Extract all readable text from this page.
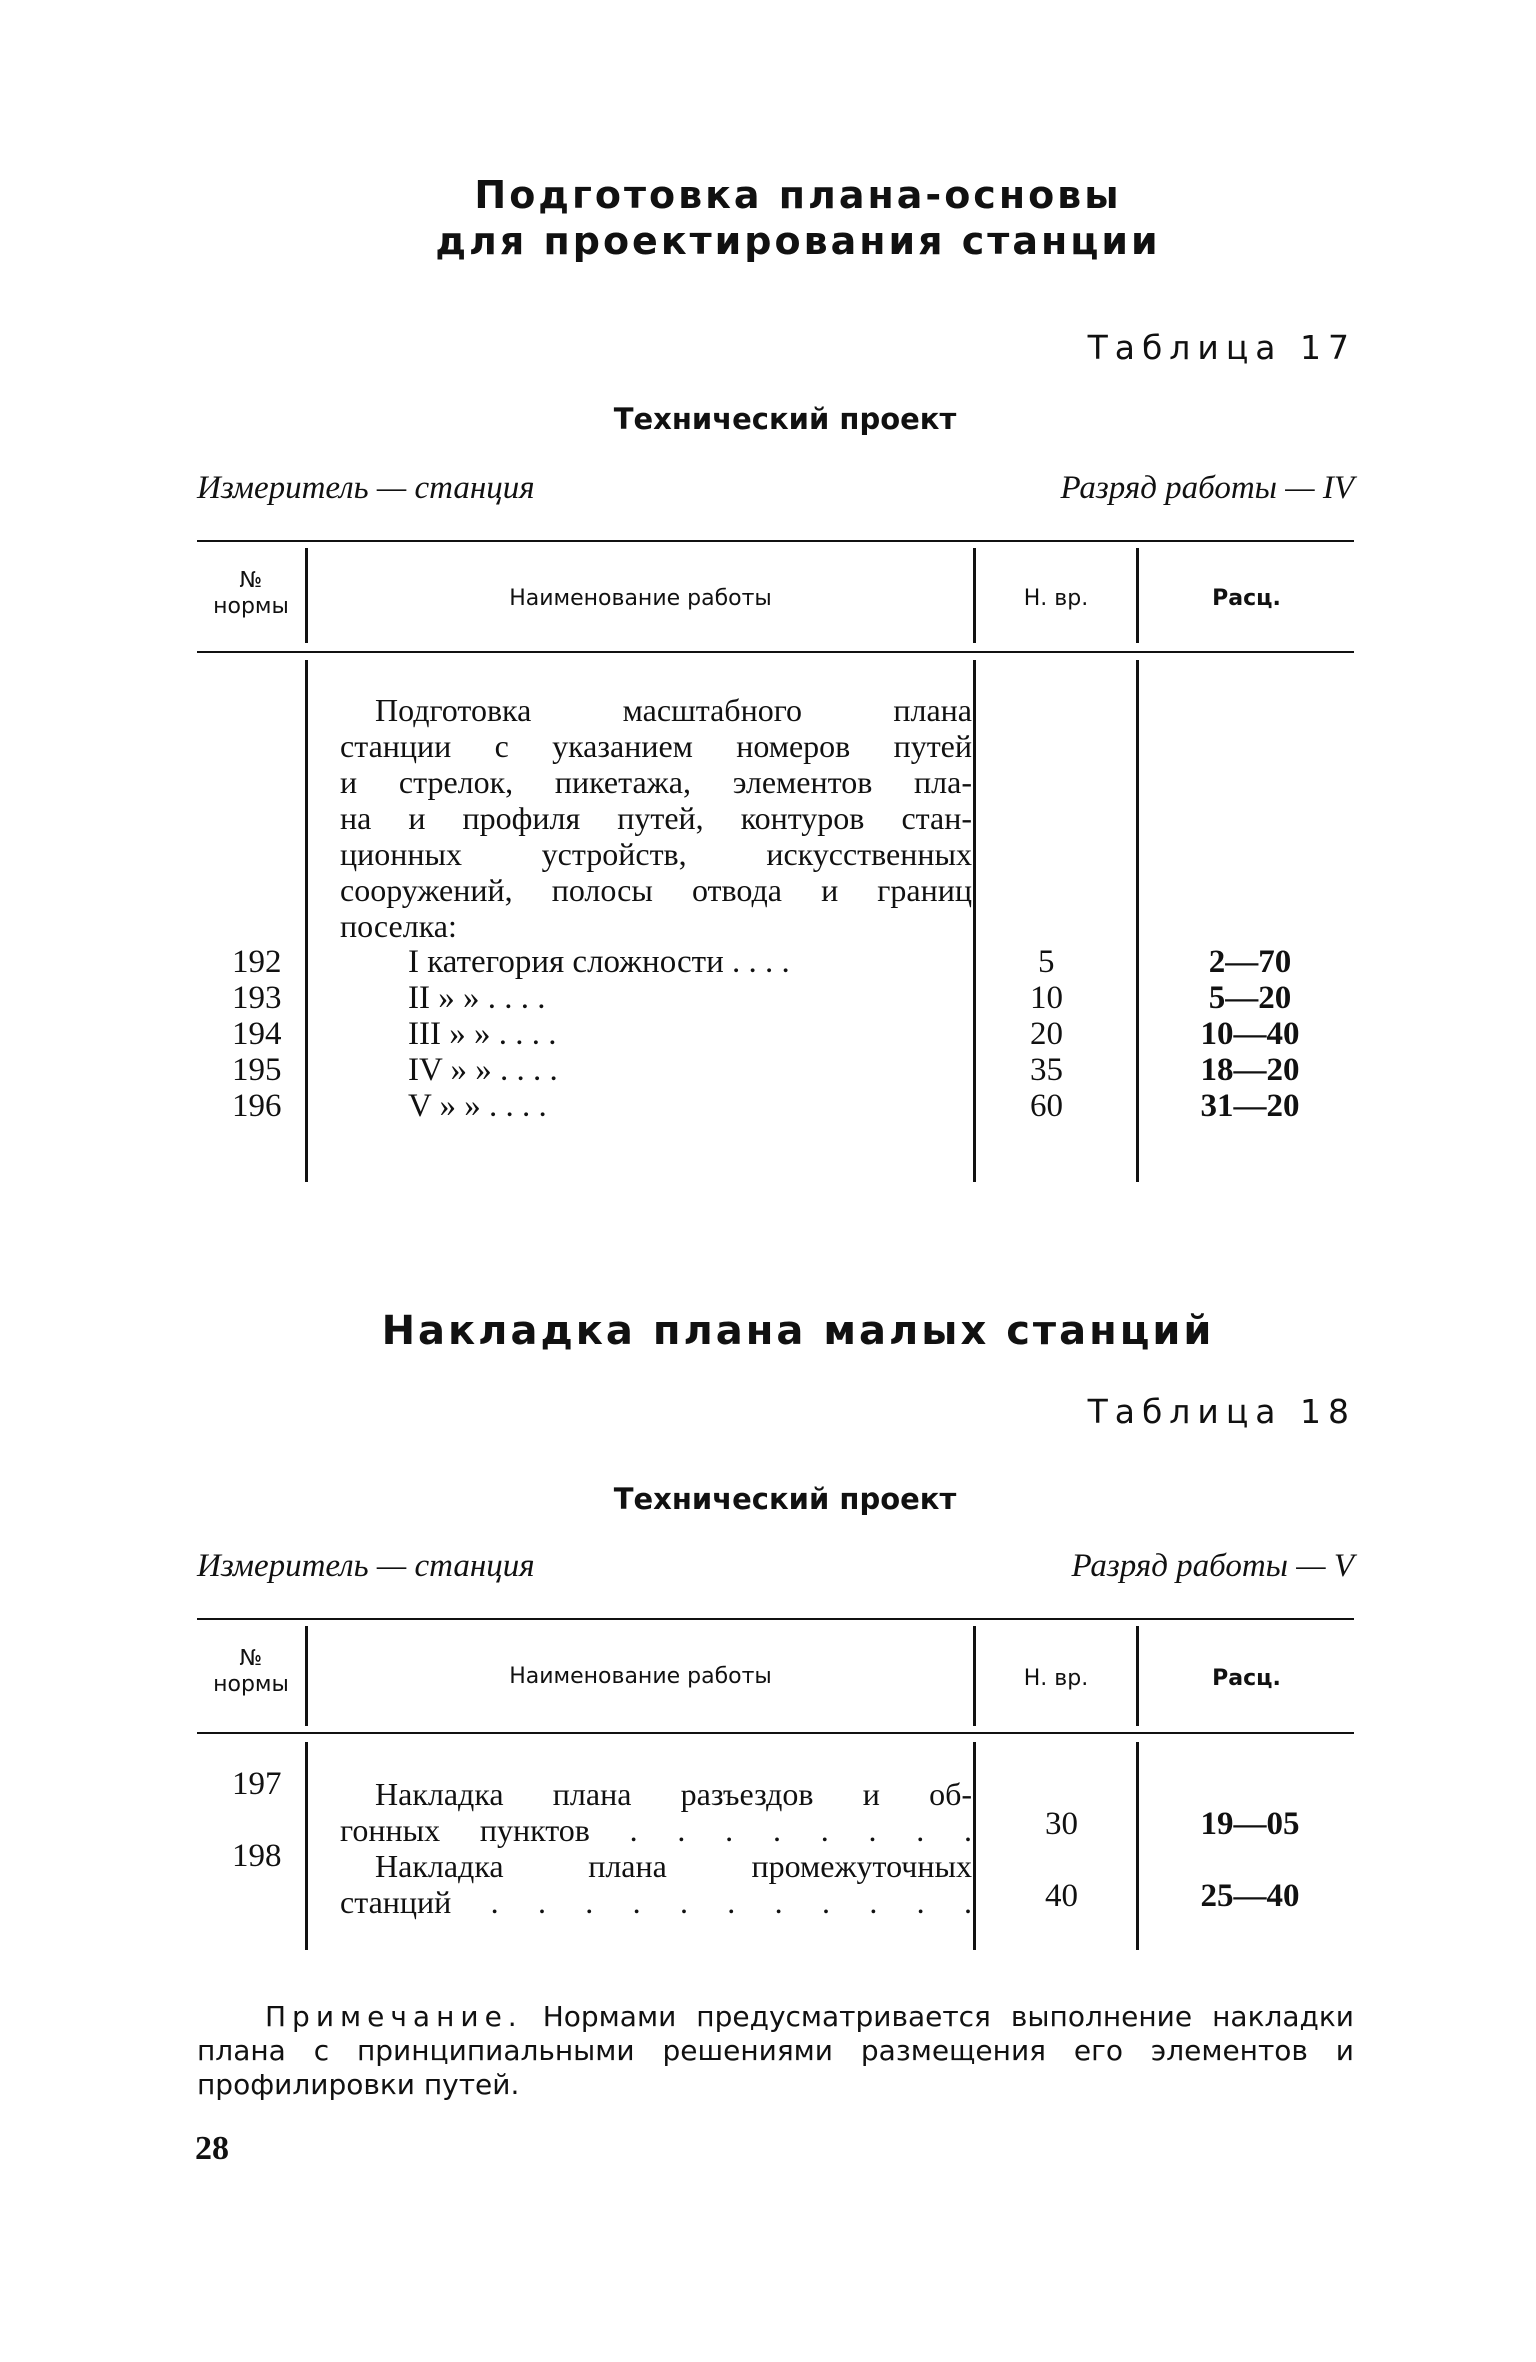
Подготовка плана-основы
для проектирования станции
Таблица 17
Технический проект
Измеритель — станция	Разряд работы — IV
№
нормы	Наименование работы	Н. вр.	Расц.
Подготовка масштабного плана
станции с указанием номеров путей
и стрелок, пикетажа, элементов пла-
на и профиля путей, контуров стан-
ционных устройств, искусственных
сооружений, полосы отвода и границ
поселка:
192	I категория сложности . . . .	5	2—70
193	II » » . . . .	10	5—20
194	III » » . . . .	20	10—40
195	IV » » . . . .	35	18—20
196	V » » . . . .	60	31—20
Накладка плана малых станций
Таблица 18
Технический проект
Измеритель — станция	Разряд работы — V
№
нормы	Наименование работы	Н. вр.	Расц.
197	Накладка плана разъездов и об-
гонных пунктов . . . . . . . . 30	19—05
198	Накладка плана промежуточных
станций . . . . . . . . . . . 40	25—40
Примечание. Нормами предусматривается выполнение накладки плана с принципиальными решениями размещения его элементов и профилировки путей.
28
